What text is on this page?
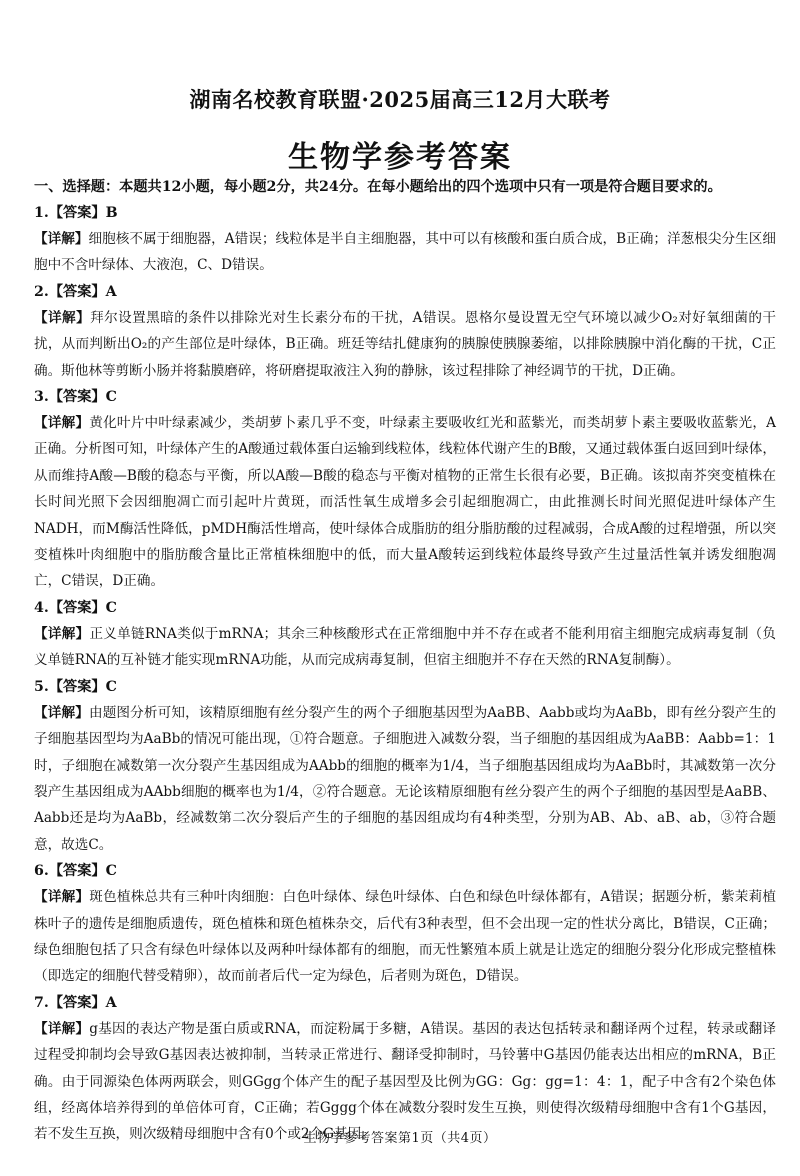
湖南名校教育联盟·2025届高三12月大联考
生物学参考答案
一、选择题：本题共12小题，每小题2分，共24分。在每小题给出的四个选项中只有一项是符合题目要求的。
1.【答案】B
【详解】细胞核不属于细胞器，A错误；线粒体是半自主细胞器，其中可以有核酸和蛋白质合成，B正确；洋葱根尖分生区细胞中不含叶绿体、大液泡，C、D错误。
2.【答案】A
【详解】拜尔设置黑暗的条件以排除光对生长素分布的干扰，A错误。恩格尔曼设置无空气环境以减少O₂对好氧细菌的干扰，从而判断出O₂的产生部位是叶绿体，B正确。班廷等结扎健康狗的胰腺使胰腺萎缩，以排除胰腺中消化酶的干扰，C正确。斯他林等剪断小肠并将黏膜磨碎，将研磨提取液注入狗的静脉，该过程排除了神经调节的干扰，D正确。
3.【答案】C
【详解】黄化叶片中叶绿素减少，类胡萝卜素几乎不变，叶绿素主要吸收红光和蓝紫光，而类胡萝卜素主要吸收蓝紫光，A正确。分析图可知，叶绿体产生的A酸通过载体蛋白运输到线粒体，线粒体代谢产生的B酸，又通过载体蛋白返回到叶绿体，从而维持A酸—B酸的稳态与平衡，所以A酸—B酸的稳态与平衡对植物的正常生长很有必要，B正确。该拟南芥突变植株在长时间光照下会因细胞凋亡而引起叶片黄斑，而活性氧生成增多会引起细胞凋亡，由此推测长时间光照促进叶绿体产生NADH，而M酶活性降低，pMDH酶活性增高，使叶绿体合成脂肪的组分脂肪酸的过程减弱，合成A酸的过程增强，所以突变植株叶肉细胞中的脂肪酸含量比正常植株细胞中的低，而大量A酸转运到线粒体最终导致产生过量活性氧并诱发细胞凋亡，C错误，D正确。
4.【答案】C
【详解】正义单链RNA类似于mRNA；其余三种核酸形式在正常细胞中并不存在或者不能利用宿主细胞完成病毒复制（负义单链RNA的互补链才能实现mRNA功能，从而完成病毒复制，但宿主细胞并不存在天然的RNA复制酶）。
5.【答案】C
【详解】由题图分析可知，该精原细胞有丝分裂产生的两个子细胞基因型为AaBB、Aabb或均为AaBb，即有丝分裂产生的子细胞基因型均为AaBb的情况可能出现，①符合题意。子细胞进入减数分裂，当子细胞的基因组成为AaBB：Aabb=1：1时，子细胞在减数第一次分裂产生基因组成为AAbb的细胞的概率为1/4，当子细胞基因组成均为AaBb时，其减数第一次分裂产生基因组成为AAbb细胞的概率也为1/4，②符合题意。无论该精原细胞有丝分裂产生的两个子细胞的基因型是AaBB、Aabb还是均为AaBb，经减数第二次分裂后产生的子细胞的基因组成均有4种类型，分别为AB、Ab、aB、ab，③符合题意，故选C。
6.【答案】C
【详解】斑色植株总共有三种叶肉细胞：白色叶绿体、绿色叶绿体、白色和绿色叶绿体都有，A错误；据题分析，紫茉莉植株叶子的遗传是细胞质遗传，斑色植株和斑色植株杂交，后代有3种表型，但不会出现一定的性状分离比，B错误，C正确；绿色细胞包括了只含有绿色叶绿体以及两种叶绿体都有的细胞，而无性繁殖本质上就是让选定的细胞分裂分化形成完整植株（即选定的细胞代替受精卵），故而前者后代一定为绿色，后者则为斑色，D错误。
7.【答案】A
【详解】g基因的表达产物是蛋白质或RNA，而淀粉属于多糖，A错误。基因的表达包括转录和翻译两个过程，转录或翻译过程受抑制均会导致G基因表达被抑制，当转录正常进行、翻译受抑制时，马铃薯中G基因仍能表达出相应的mRNA，B正确。由于同源染色体两两联会，则GGgg个体产生的配子基因型及比例为GG：Gg：gg=1：4：1，配子中含有2个染色体组，经离体培养得到的单倍体可育，C正确；若Gggg个体在减数分裂时发生互换，则使得次级精母细胞中含有1个G基因，若不发生互换，则次级精母细胞中含有0个或2个G基因。
生物学参考答案第1页（共4页）
